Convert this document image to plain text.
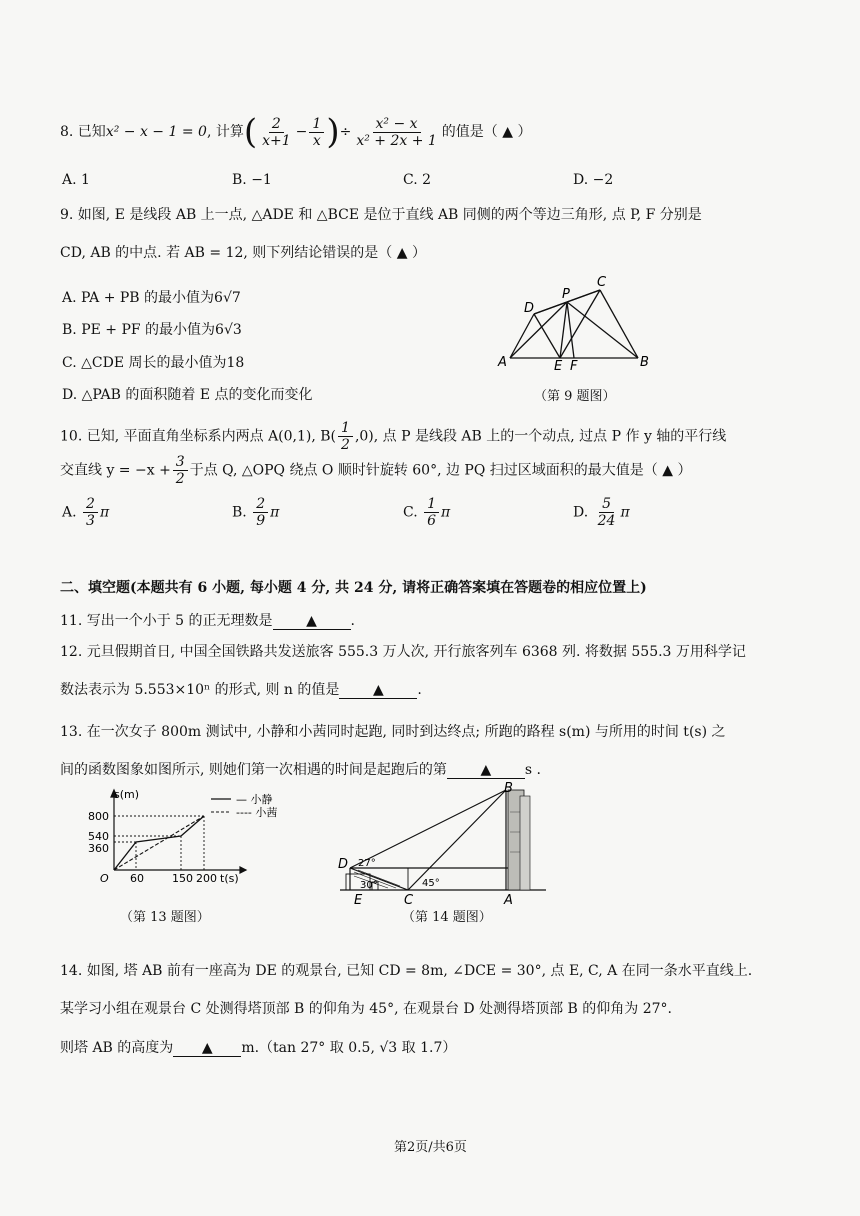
8. 已知x² − x − 1 = 0, 计算( $\frac{2}{x+1} - \frac{1}{x}$ )÷ $\frac{\text{x² − x}}{\text{x² + 2x + 1}}$ 的值是（ ▲ ）
A. 1	B. −1	C. 2	D. −2
9. 如图, E 是线段 AB 上一点, △ADE 和 △BCE 是位于直线 AB 同侧的两个等边三角形, 点 P, F 分别是
CD, AB 的中点. 若 AB = 12, 则下列结论错误的是（ ▲ ）
A. PA + PB 的最小值为6√7
B. PE + PF 的最小值为6√3
C. △CDE 周长的最小值为18
D. △PAB 的面积随着 E 点的变化而变化
D
P
C
A	E F	B
（第 9 题图）
10. 已知, 平面直角坐标系内两点 A(0,1), $B( \frac{1}{2} ,0)$, 点 P 是线段 AB 上的一个动点, 过点 P 作 y 轴的平行线
交直线 $y = -x + \frac{3}{2}$ 于点 Q, △OPQ 绕点 O 顺时针旋转 60°, 边 PQ 扫过区域面积的最大值是（ ▲ ）
A. $\frac{2}{3}$ π	B. $\frac{2}{9}$ π	C. $\frac{1}{6}$ π	D. $\frac{5}{24}$ π
二、填空题(本题共有 6 小题, 每小题 4 分, 共 24 分, 请将正确答案填在答题卷的相应位置上)
11. 写出一个小于 5 的正无理数是 ▲ .
12. 元旦假期首日, 中国全国铁路共发送旅客 555.3 万人次, 开行旅客列车 6368 列. 将数据 555.3 万用科学记
数法表示为 5.553×10ⁿ 的形式, 则 n 的值是 ▲ .
13. 在一次女子 800m 测试中, 小静和小茜同时起跑, 同时到达终点; 所跑的路程 s(m) 与所用的时间 t(s) 之
间的函数图象如图所示, 则她们第一次相遇的时间是起跑后的第 ▲ s .
s(m)
t(s)
O
800
540
360
60	150 200
— 小静
---- 小茜
（第 13 题图）
B
D 27°
30°	45°
E	C	A
（第 14 题图）
14. 如图, 塔 AB 前有一座高为 DE 的观景台, 已知 CD = 8m, ∠DCE = 30°, 点 E, C, A 在同一条水平直线上.
某学习小组在观景台 C 处测得塔顶部 B 的仰角为 45°, 在观景台 D 处测得塔顶部 B 的仰角为 27°.
则塔 AB 的高度为 ▲ m.（tan 27° 取 0.5, √3 取 1.7）
第2页/共6页
